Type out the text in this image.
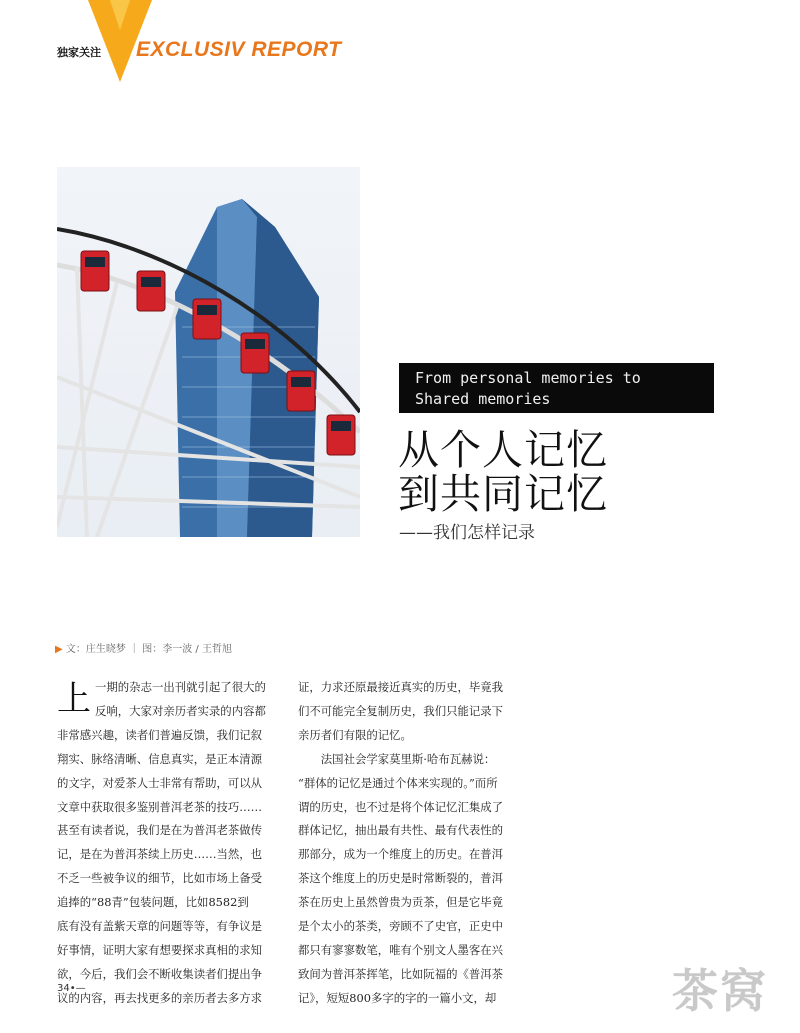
独家关注 EXCLUSIV REPORT
From personal memories to
Shared memories
从个人记忆
到共同记忆
——我们怎样记录
▶ 文：庄生晓梦 ｜ 图：李一波 / 王哲旭
上 一期的杂志一出刊就引起了很大的
反响，大家对亲历者实录的内容都
非常感兴趣，读者们普遍反馈，我们记叙
翔实、脉络清晰、信息真实，是正本清源
的文字，对爱茶人士非常有帮助，可以从
文章中获取很多鉴别普洱老茶的技巧……
甚至有读者说，我们是在为普洱老茶做传
记，是在为普洱茶续上历史……当然，也
不乏一些被争议的细节，比如市场上备受
追捧的“88青”包装问题，比如8582到
底有没有盖紫天章的问题等等，有争议是
好事情，证明大家有想要探求真相的求知
欲，今后，我们会不断收集读者们提出争
议的内容，再去找更多的亲历者去多方求
证，力求还原最接近真实的历史，毕竟我
们不可能完全复制历史，我们只能记录下
亲历者们有限的记忆。
　　法国社会学家莫里斯·哈布瓦赫说：
“群体的记忆是通过个体来实现的。”而所
谓的历史，也不过是将个体记忆汇集成了
群体记忆，抽出最有共性、最有代表性的
那部分，成为一个维度上的历史。在普洱
茶这个维度上的历史是时常断裂的，普洱
茶在历史上虽然曾贵为贡茶，但是它毕竟
是个太小的茶类，旁顾不了史官，正史中
都只有寥寥数笔，唯有个别文人墨客在兴
致间为普洱茶挥笔，比如阮福的《普洱茶
记》，短短800多字的字的一篇小文，却
34•—	茶窝
